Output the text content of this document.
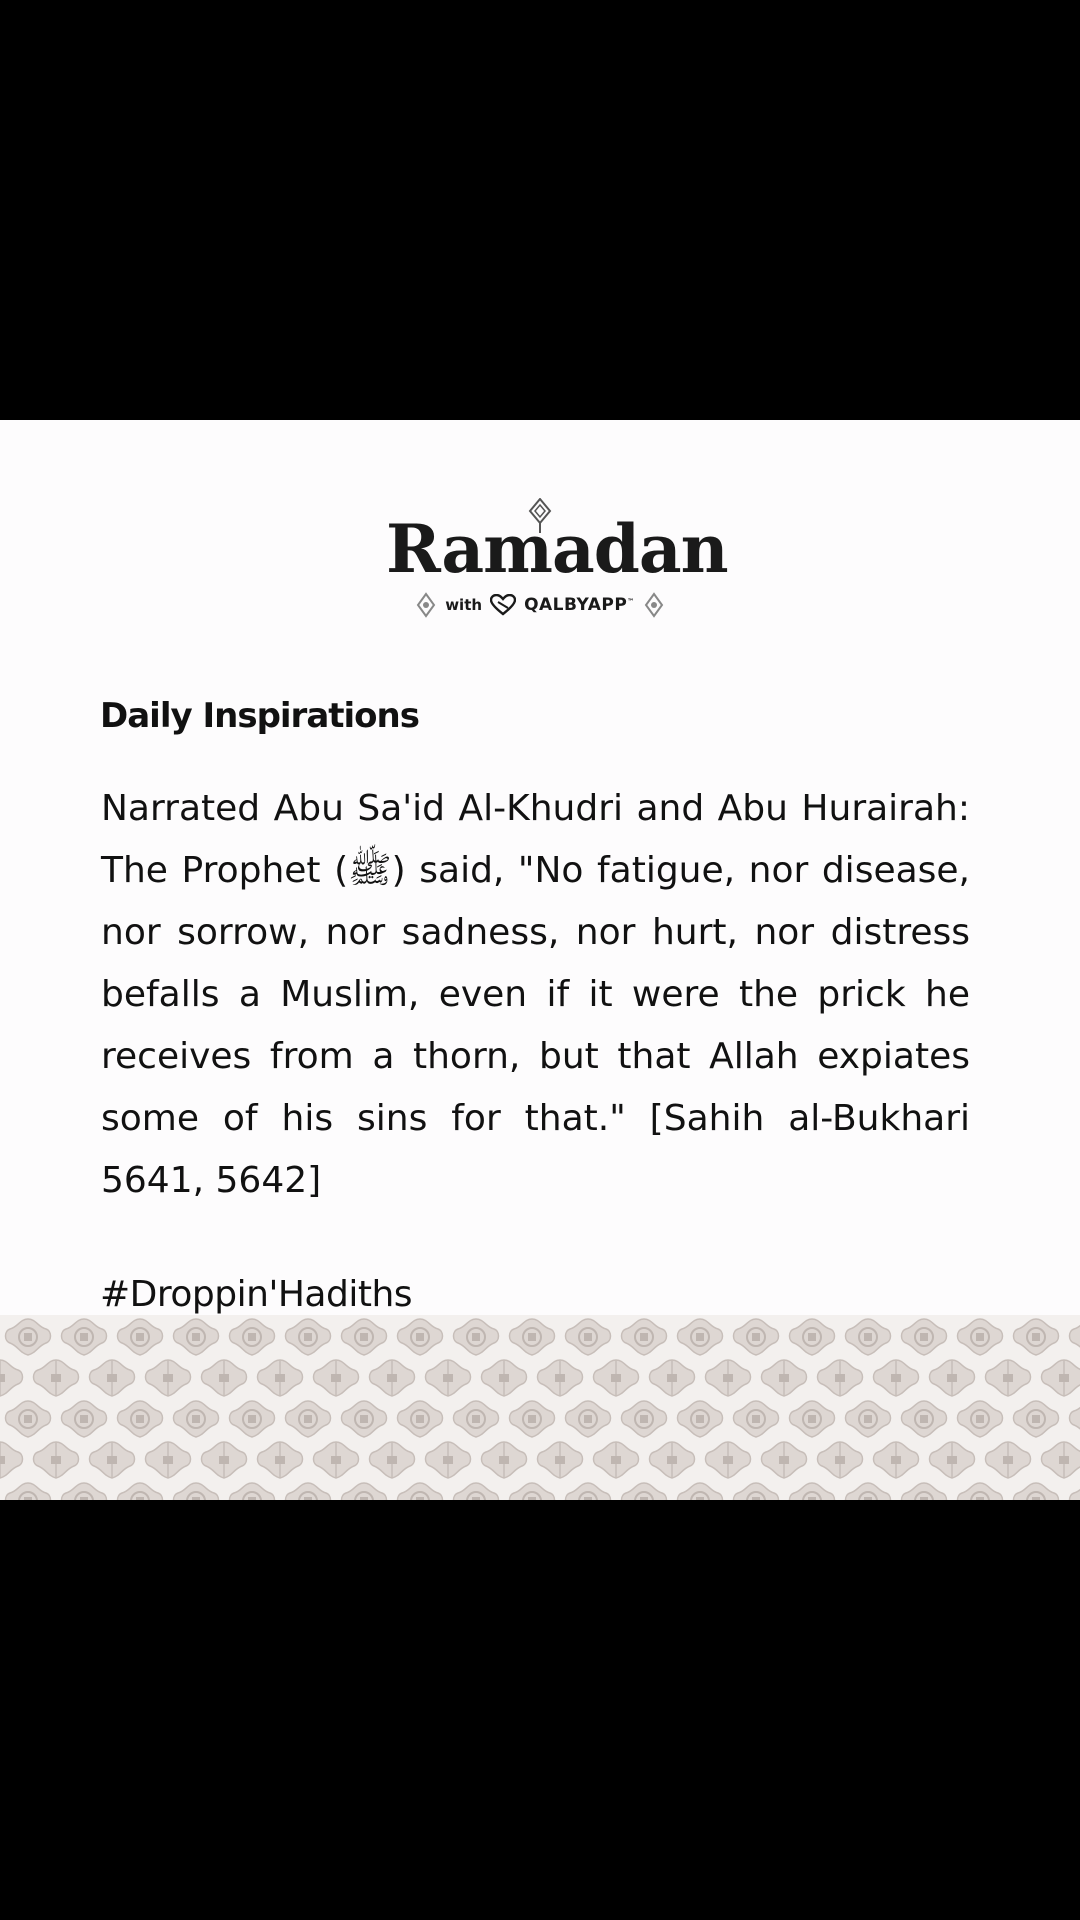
Ramadan
with QALBYAPP™
Daily Inspirations

Narrated Abu Sa'id Al-Khudri and Abu Hurairah: The Prophet (ﷺ) said, "No fatigue, nor disease, nor sorrow, nor sadness, nor hurt, nor distress befalls a Muslim, even if it were the prick he receives from a thorn, but that Allah expiates some of his sins for that." [Sahih al-Bukhari 5641, 5642]

#Droppin'Hadiths
